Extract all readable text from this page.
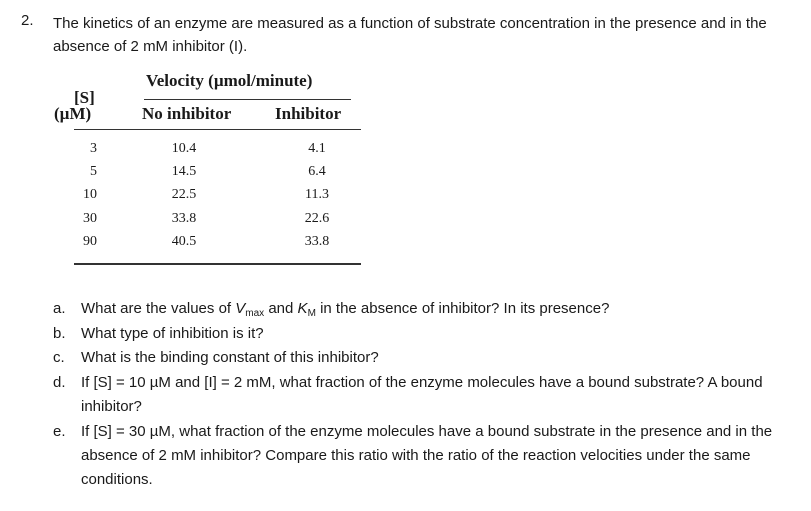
2. The kinetics of an enzyme are measured as a function of substrate concentration in the presence and in the absence of 2 mM inhibitor (I).
[S]
(µM)
Velocity (µmol/minute)
No inhibitor	Inhibitor
3	10.4	4.1
5	14.5	6.4
10	22.5	11.3
30	33.8	22.6
90	40.5	33.8
a. What are the values of $V_{max}$ and $K_M$ in the absence of inhibitor? In its presence?
b. What type of inhibition is it?
c. What is the binding constant of this inhibitor?
d. If [S] = 10 µM and [I] = 2 mM, what fraction of the enzyme molecules have a bound substrate? A bound inhibitor?
e. If [S] = 30 µM, what fraction of the enzyme molecules have a bound substrate in the presence and in the absence of 2 mM inhibitor? Compare this ratio with the ratio of the reaction velocities under the same conditions.
